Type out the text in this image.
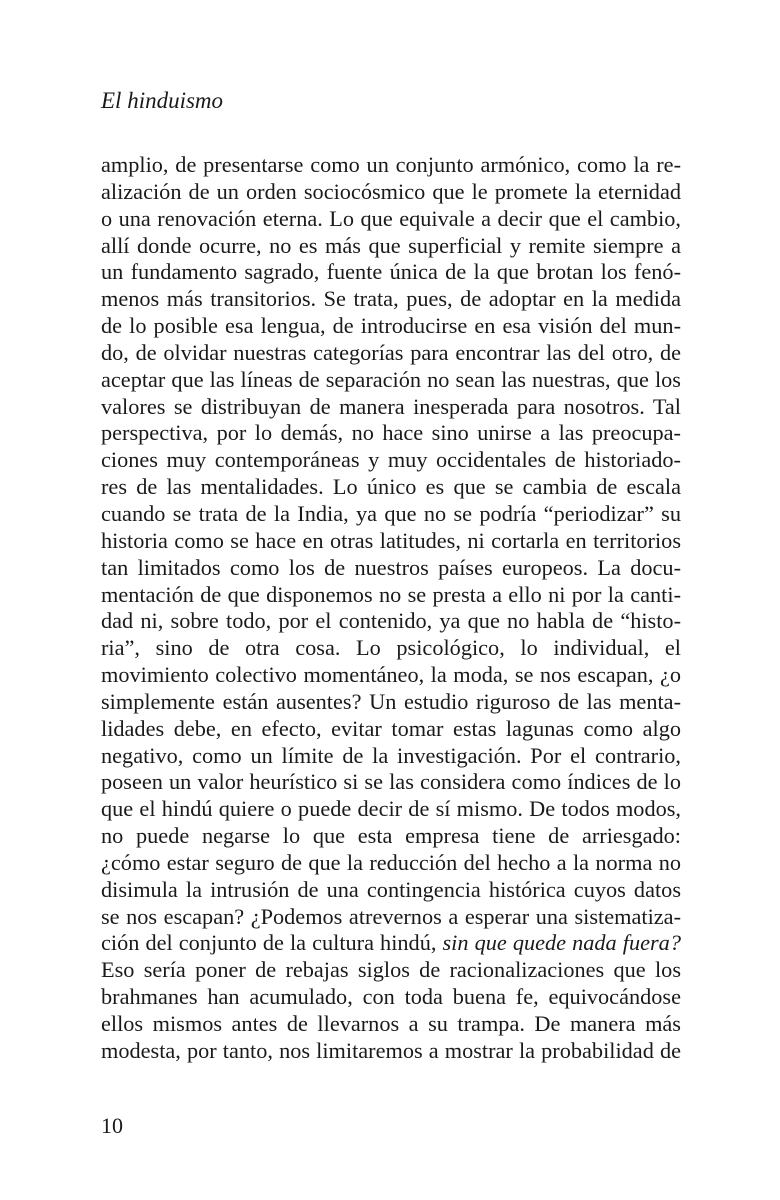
El hinduismo
amplio, de presentarse como un conjunto armónico, como la re-
alización de un orden sociocósmico que le promete la eternidad
o una renovación eterna. Lo que equivale a decir que el cambio,
allí donde ocurre, no es más que superficial y remite siempre a
un fundamento sagrado, fuente única de la que brotan los fenó-
menos más transitorios. Se trata, pues, de adoptar en la medida
de lo posible esa lengua, de introducirse en esa visión del mun-
do, de olvidar nuestras categorías para encontrar las del otro, de
aceptar que las líneas de separación no sean las nuestras, que los
valores se distribuyan de manera inesperada para nosotros. Tal
perspectiva, por lo demás, no hace sino unirse a las preocupa-
ciones muy contemporáneas y muy occidentales de historiado-
res de las mentalidades. Lo único es que se cambia de escala
cuando se trata de la India, ya que no se podría “periodizar” su
historia como se hace en otras latitudes, ni cortarla en territorios
tan limitados como los de nuestros países europeos. La docu-
mentación de que disponemos no se presta a ello ni por la canti-
dad ni, sobre todo, por el contenido, ya que no habla de “histo-
ria”, sino de otra cosa. Lo psicológico, lo individual, el
movimiento colectivo momentáneo, la moda, se nos escapan, ¿o
simplemente están ausentes? Un estudio riguroso de las menta-
lidades debe, en efecto, evitar tomar estas lagunas como algo
negativo, como un límite de la investigación. Por el contrario,
poseen un valor heurístico si se las considera como índices de lo
que el hindú quiere o puede decir de sí mismo. De todos modos,
no puede negarse lo que esta empresa tiene de arriesgado:
¿cómo estar seguro de que la reducción del hecho a la norma no
disimula la intrusión de una contingencia histórica cuyos datos
se nos escapan? ¿Podemos atrevernos a esperar una sistematiza-
ción del conjunto de la cultura hindú, sin que quede nada fuera?
Eso sería poner de rebajas siglos de racionalizaciones que los
brahmanes han acumulado, con toda buena fe, equivocándose
ellos mismos antes de llevarnos a su trampa. De manera más
modesta, por tanto, nos limitaremos a mostrar la probabilidad de
10
